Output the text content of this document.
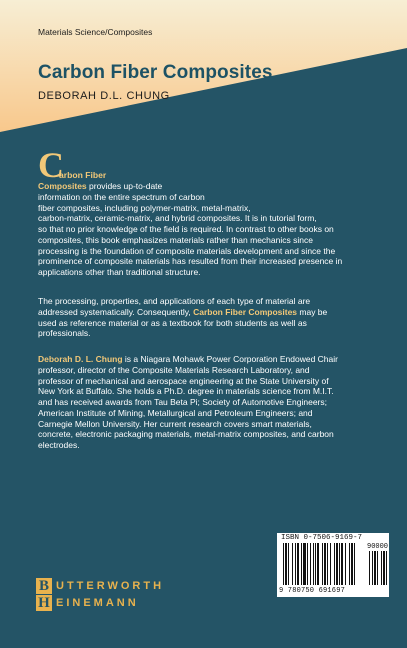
Materials Science/Composites
Carbon Fiber Composites
DEBORAH D.L. CHUNG
C
arbon Fiber
Composites provides up-to-date
information on the entire spectrum of carbon
fiber composites, including polymer-matrix, metal-matrix,
carbon-matrix, ceramic-matrix, and hybrid composites. It is in tutorial form,
so that no prior knowledge of the field is required. In contrast to other books on
composites, this book emphasizes materials rather than mechanics since
processing is the foundation of composite materials development and since the
prominence of composite materials has resulted from their increased presence in
applications other than traditional structure.
The processing, properties, and applications of each type of material are
addressed systematically. Consequently, Carbon Fiber Composites may be
used as reference material or as a textbook for both students as well as
professionals.
Deborah D. L. Chung is a Niagara Mohawk Power Corporation Endowed Chair
professor, director of the Composite Materials Research Laboratory, and
professor of mechanical and aerospace engineering at the State University of
New York at Buffalo. She holds a Ph.D. degree in materials science from M.I.T.
and has received awards from Tau Beta Pi; Society of Automotive Engineers;
American Institute of Mining, Metallurgical and Petroleum Engineers; and
Carnegie Mellon University. Her current research covers smart materials,
concrete, electronic packaging materials, metal-matrix composites, and carbon
electrodes.
ISBN 0-7506-9169-7
90000
9 780750 691697
B UTTERWORTH
H EINEMANN
